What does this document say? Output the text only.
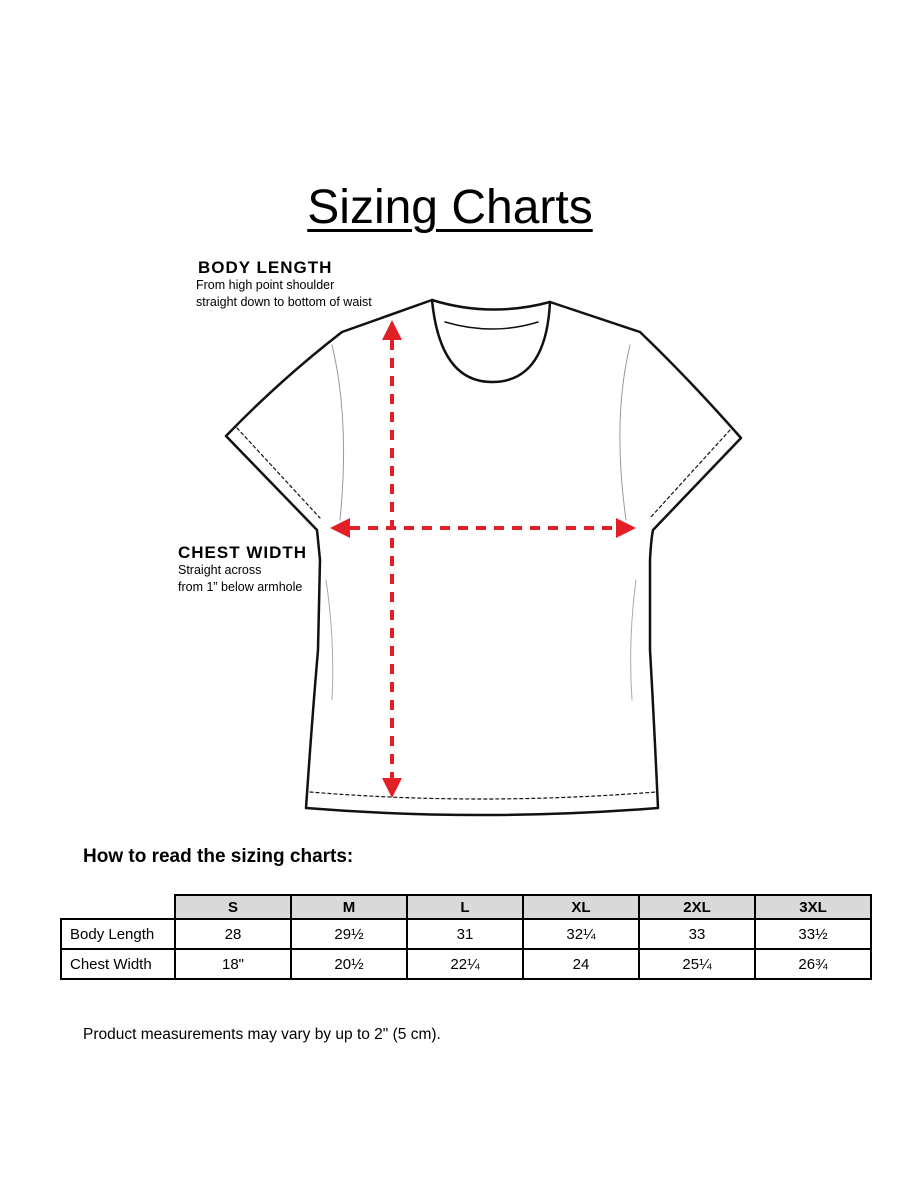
Sizing Charts
BODY LENGTH
From high point shoulder
straight down to bottom of waist
CHEST WIDTH
Straight across
from 1” below armhole
How to read the sizing charts:
	S	M	L	XL	2XL	3XL
Body Length	28	29½	31	32¼	33	33½
Chest Width	18"	20½	22¼	24	25¼	26¾
Product measurements may vary by up to 2" (5 cm).
